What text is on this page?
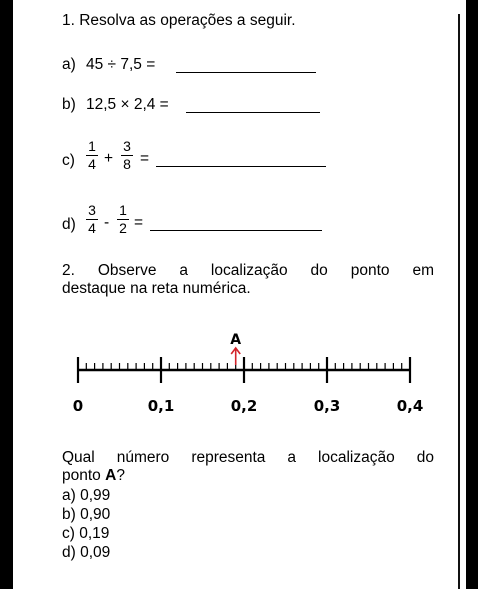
1. Resolva as operações a seguir.
a) 45 ÷ 7,5 =
b) 12,5 × 2,4 =
c)
1
4 +
3
8 =
d)
3
4 -
1
2 =
2. Observe a localização do ponto em
destaque na reta numérica.
0	0,1	0,2	0,3	0,4
A
Qual número representa a localização do
ponto A?
a) 0,99
b) 0,90
c) 0,19
d) 0,09
